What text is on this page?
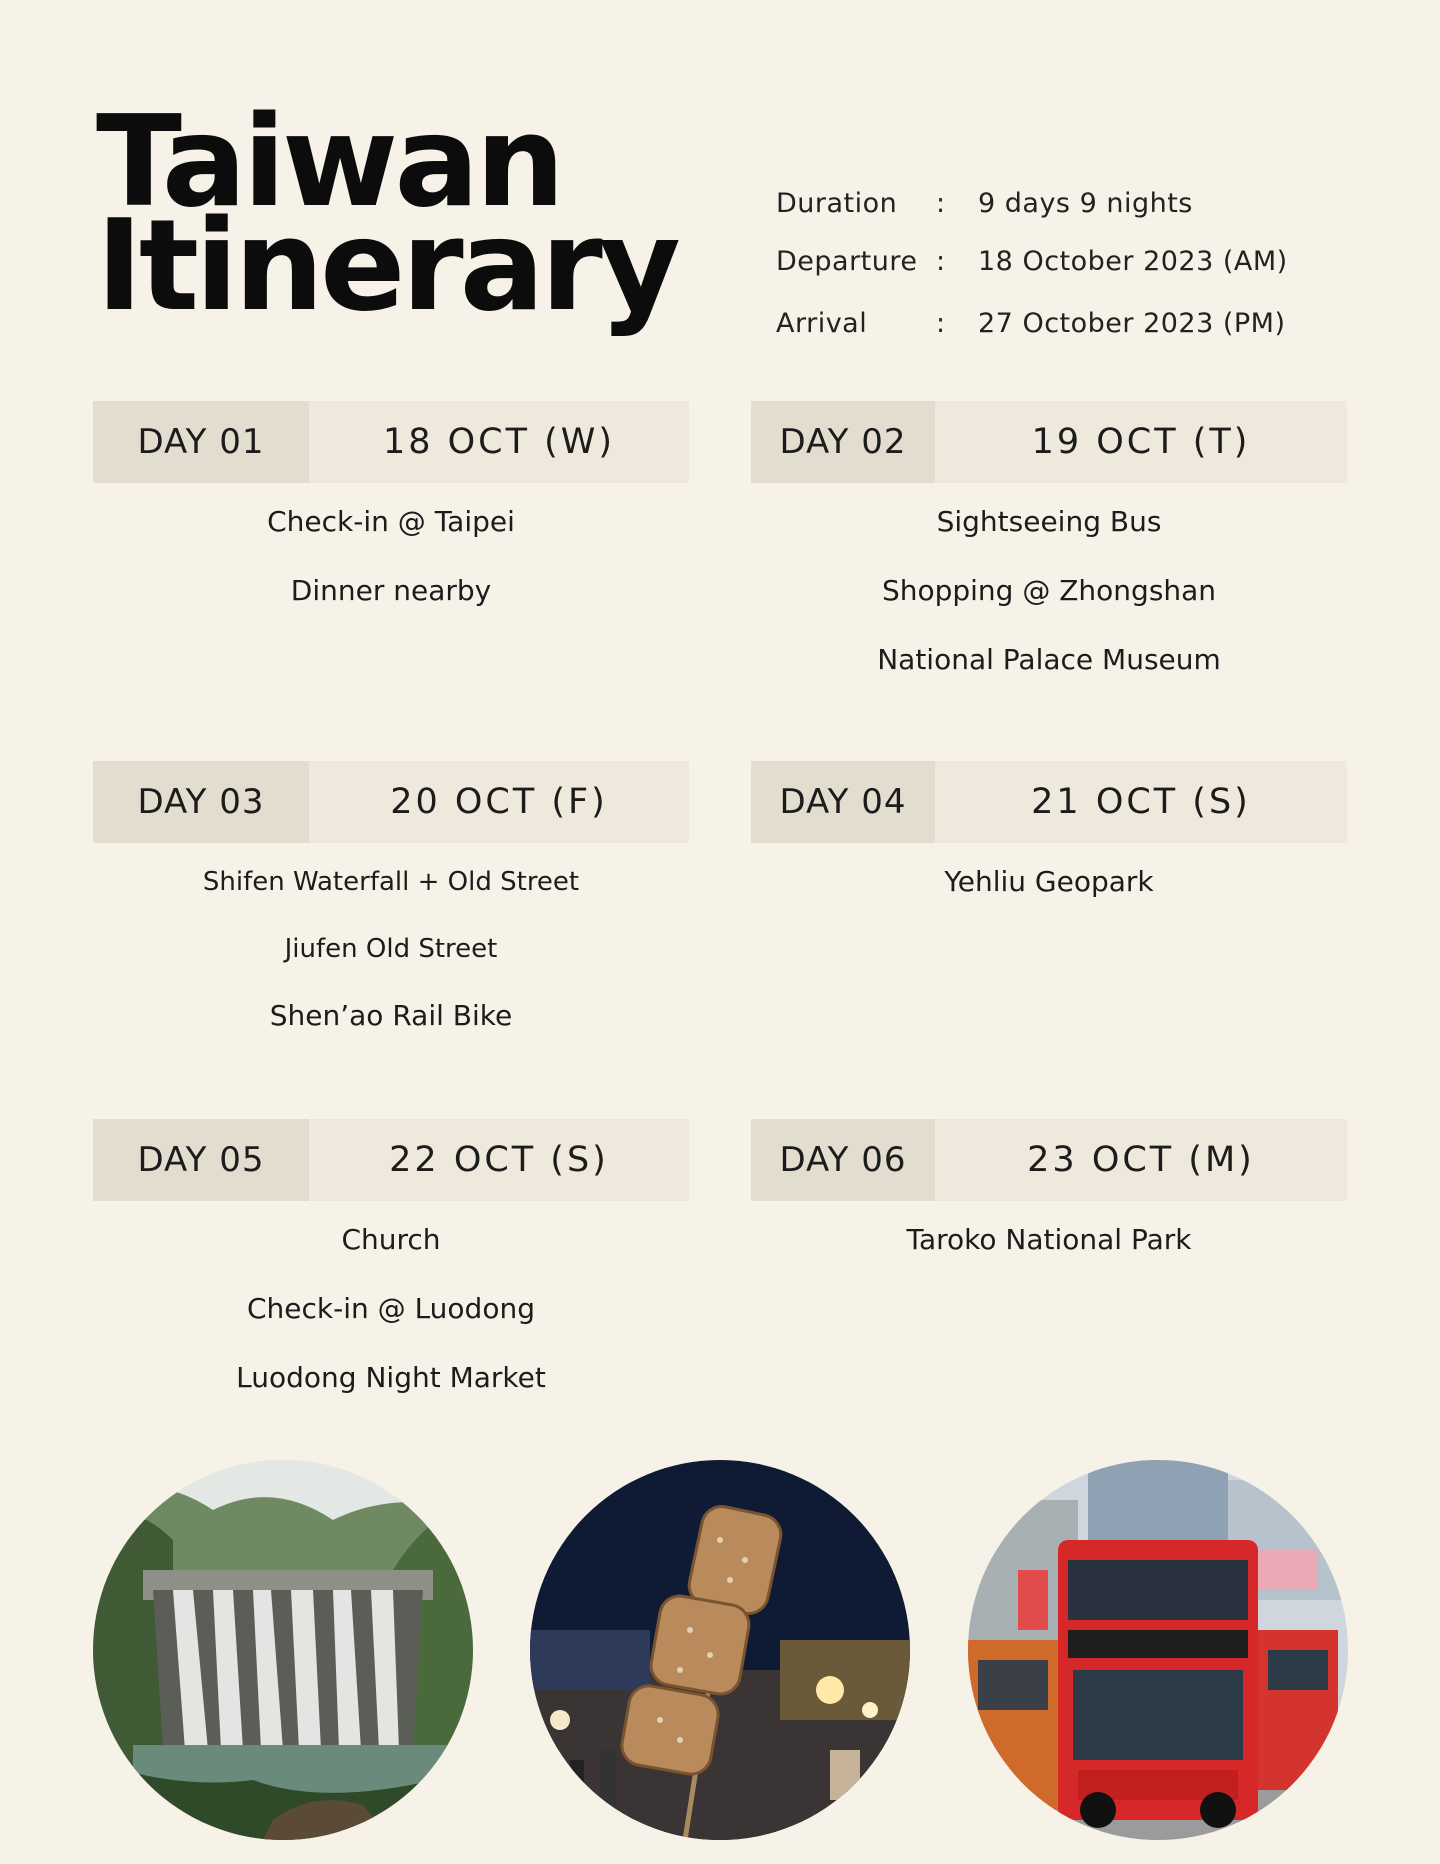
Taiwan
Itinerary	Duration	:	9 days 9 nights
Departure :	18 October 2023 (AM)
Arrival	:	27 October 2023 (PM)
DAY 01	18 OCT (W)
Check-in @ Taipei
Dinner nearby
DAY 02	19 OCT (T)
Sightseeing Bus
Shopping @ Zhongshan
National Palace Museum
DAY 03	20 OCT (F)
Shifen Waterfall + Old Street
Jiufen Old Street
Shen’ao Rail Bike
DAY 04	21 OCT (S)
Yehliu Geopark
DAY 05	22 OCT (S)
Church
Check-in @ Luodong
Luodong Night Market
DAY 06	23 OCT (M)
Taroko National Park
